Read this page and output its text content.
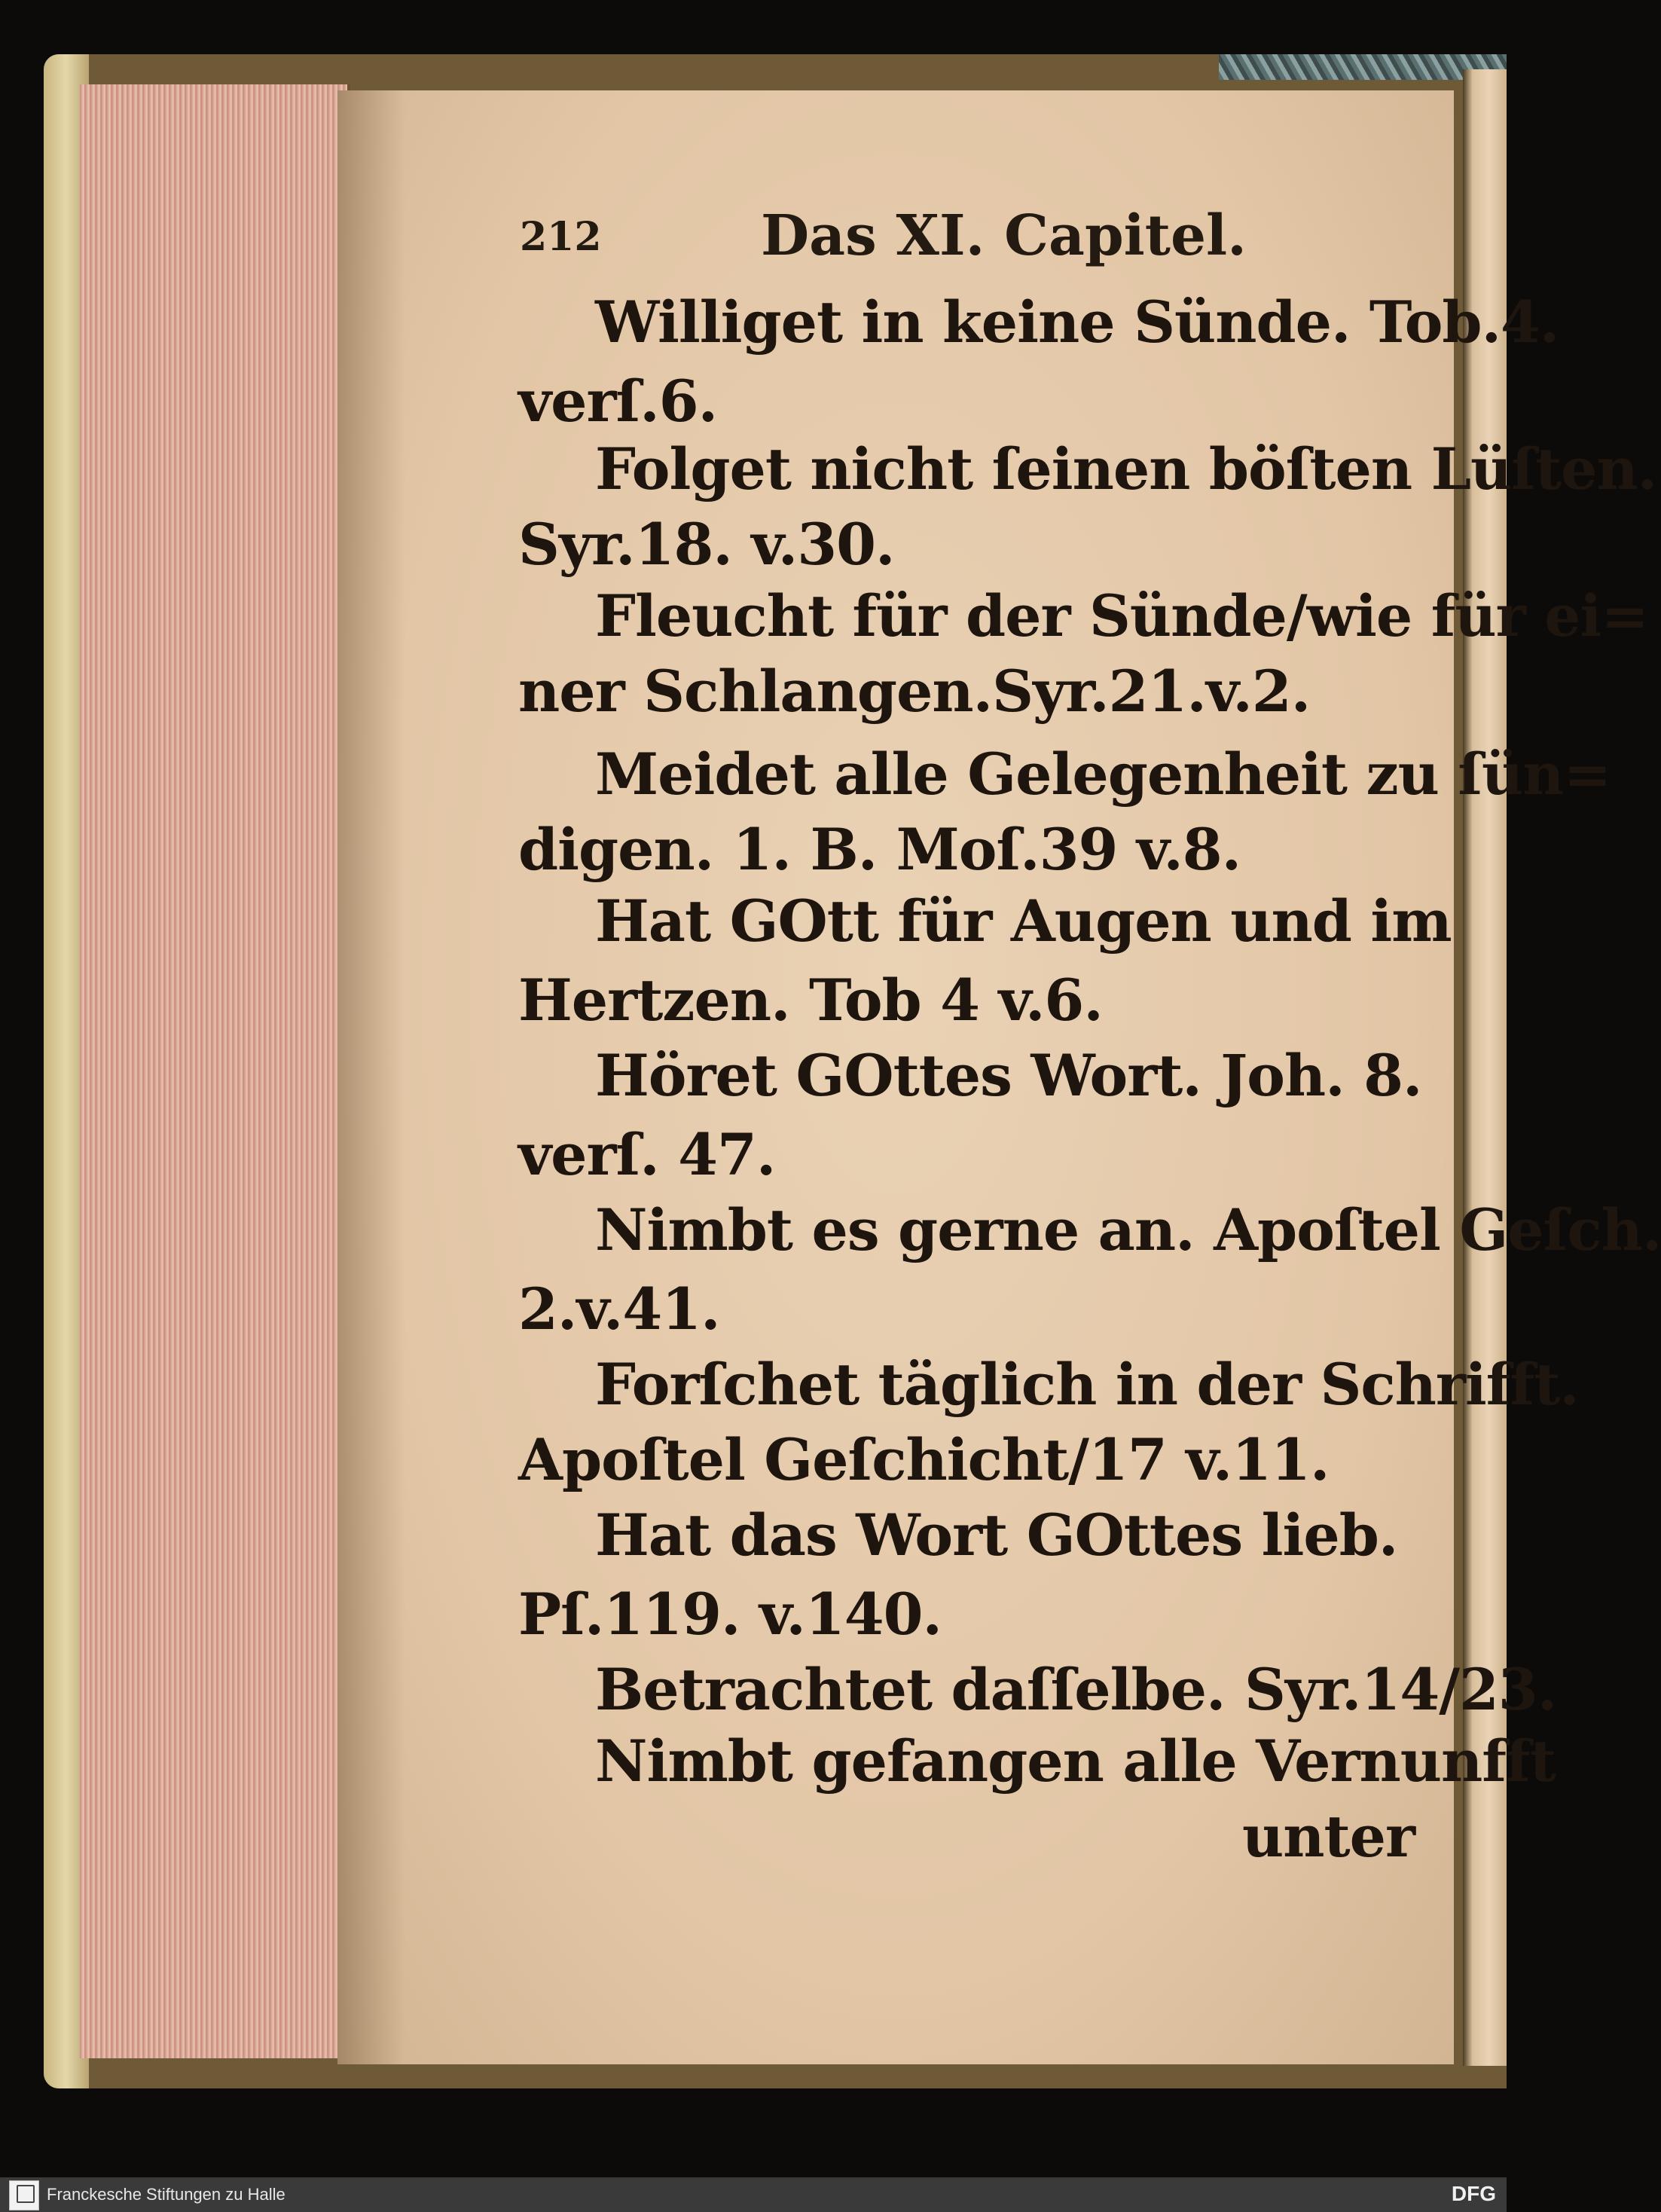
212	Das XI. Capitel.
Williget in keine Sünde. Tob.4.
verſ.6.
Folget nicht ſeinen böſten Lüſten.
Syr.18. v.30.
Fleucht für der Sünde/wie für ei=
ner Schlangen.Syr.21.v.2.
Meidet alle Gelegenheit zu ſün=
digen. 1. B. Moſ.39 v.8.
Hat GOtt für Augen und im
Hertzen. Tob 4 v.6.
Höret GOttes Wort. Joh. 8.
verſ. 47.
Nimbt es gerne an. Apoſtel Geſch.
2.v.41.
Forſchet täglich in der Schrifft.
Apoſtel Geſchicht/17 v.11.
Hat das Wort GOttes lieb.
Pſ.119. v.140.
Betrachtet daſſelbe. Syr.14/23.
Nimbt gefangen alle Vernunfft
unter
Franckesche Stiftungen zu Halle	DFG
